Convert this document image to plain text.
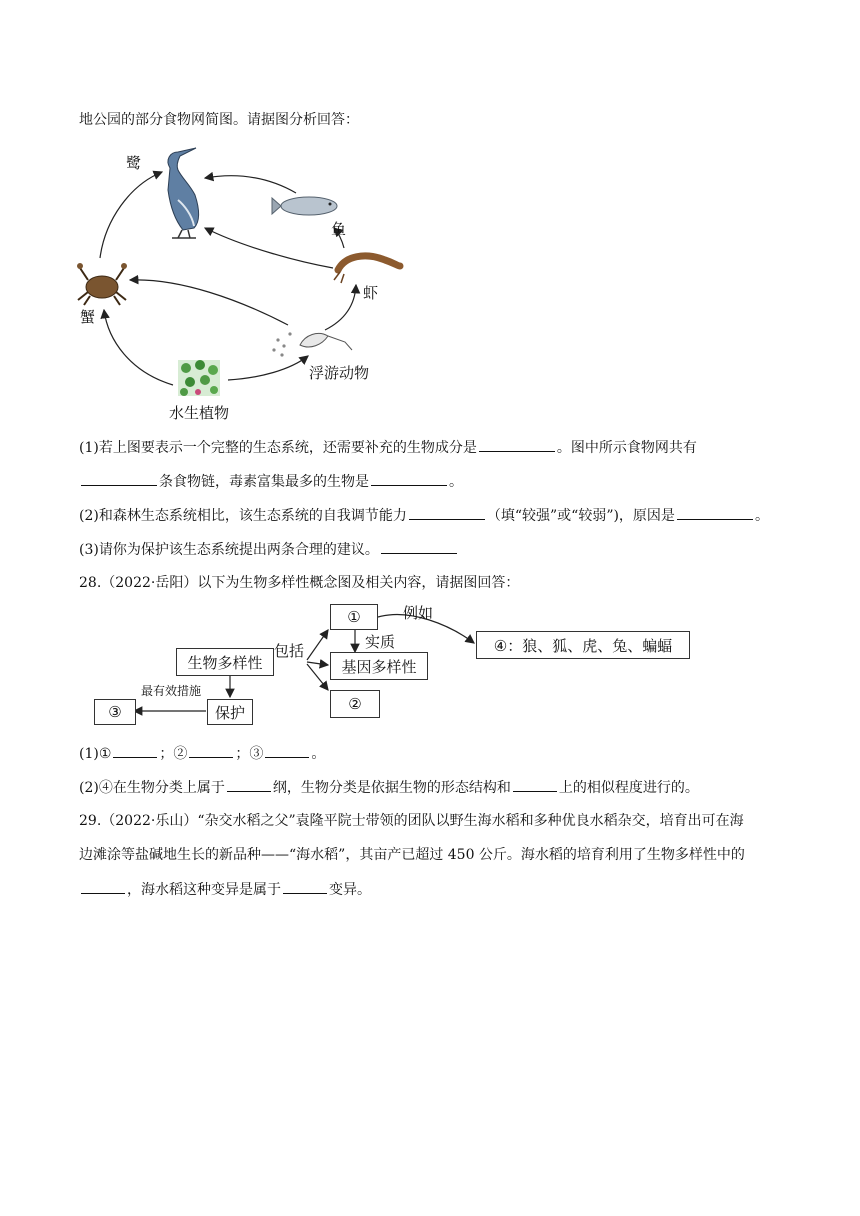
地公园的部分食物网简图。请据图分析回答：
鹭
鱼
虾
蟹
浮游动物
水生植物
(1)若上图要表示一个完整的生态系统，还需要补充的生物成分是	。图中所示食物网共有
条食物链，毒素富集最多的生物是	。
(2)和森林生态系统相比，该生态系统的自我调节能力	（填“较强”或“较弱”)，原因是	。
(3)请你为保护该生态系统提出两条合理的建议。
28.（2022·岳阳）以下为生物多样性概念图及相关内容，请据图回答：
生物多样性
包括
①	例如
实质	④：狼、狐、虎、兔、蝙蝠
基因多样性
②
最有效措施
保护
③
(1)①	；②	；③	。
(2)④在生物分类上属于	纲，生物分类是依据生物的形态结构和	上的相似程度进行的。
29.（2022·乐山）“杂交水稻之父”袁隆平院士带领的团队以野生海水稻和多种优良水稻杂交，培育出可在海
边滩涂等盐碱地生长的新品种——“海水稻”，其亩产已超过 450 公斤。海水稻的培育利用了生物多样性中的
，海水稻这种变异是属于	变异。
